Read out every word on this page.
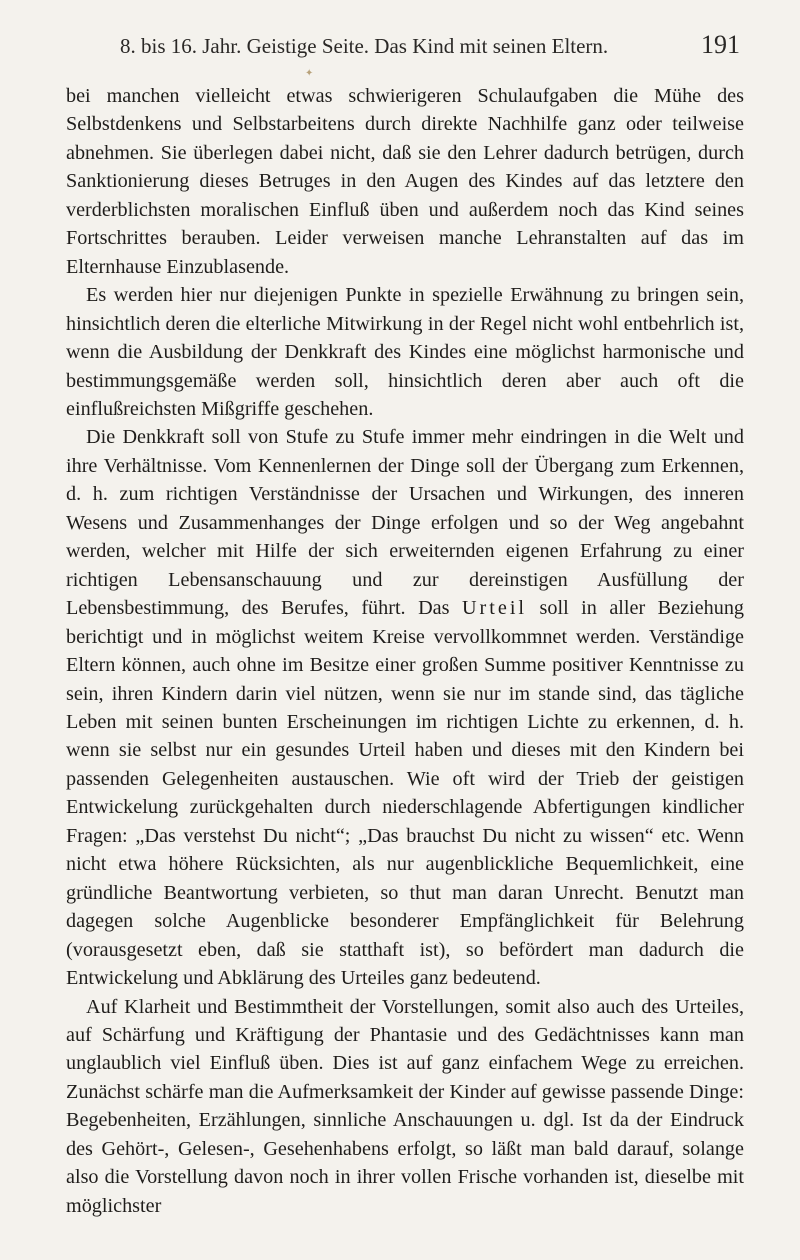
8. bis 16. Jahr. Geistige Seite. Das Kind mit seinen Eltern.	191
✦

bei manchen vielleicht etwas schwierigeren Schulaufgaben die Mühe des Selbstdenkens und Selbstarbeitens durch direkte Nachhilfe ganz oder teilweise abnehmen. Sie überlegen dabei nicht, daß sie den Lehrer dadurch betrügen, durch Sanktionierung dieses Betruges in den Augen des Kindes auf das letztere den verderblichsten moralischen Einfluß üben und außerdem noch das Kind seines Fortschrittes berauben. Leider verweisen manche Lehranstalten auf das im Elternhause Einzublasende.

Es werden hier nur diejenigen Punkte in spezielle Erwähnung zu bringen sein, hinsichtlich deren die elterliche Mitwirkung in der Regel nicht wohl entbehrlich ist, wenn die Ausbildung der Denkkraft des Kindes eine möglichst harmonische und bestimmungsgemäße werden soll, hinsichtlich deren aber auch oft die einflußreichsten Mißgriffe geschehen.

Die Denkkraft soll von Stufe zu Stufe immer mehr eindringen in die Welt und ihre Verhältnisse. Vom Kennenlernen der Dinge soll der Übergang zum Erkennen, d. h. zum richtigen Verständnisse der Ursachen und Wirkungen, des inneren Wesens und Zusammenhanges der Dinge erfolgen und so der Weg angebahnt werden, welcher mit Hilfe der sich erweiternden eigenen Erfahrung zu einer richtigen Lebensanschauung und zur dereinstigen Ausfüllung der Lebensbestimmung, des Berufes, führt. Das Urteil soll in aller Beziehung berichtigt und in möglichst weitem Kreise vervollkommnet werden. Verständige Eltern können, auch ohne im Besitze einer großen Summe positiver Kenntnisse zu sein, ihren Kindern darin viel nützen, wenn sie nur im stande sind, das tägliche Leben mit seinen bunten Erscheinungen im richtigen Lichte zu erkennen, d. h. wenn sie selbst nur ein gesundes Urteil haben und dieses mit den Kindern bei passenden Gelegenheiten austauschen. Wie oft wird der Trieb der geistigen Entwickelung zurückgehalten durch niederschlagende Abfertigungen kindlicher Fragen: „Das verstehst Du nicht“; „Das brauchst Du nicht zu wissen“ etc. Wenn nicht etwa höhere Rücksichten, als nur augenblickliche Bequemlichkeit, eine gründliche Beantwortung verbieten, so thut man daran Unrecht. Benutzt man dagegen solche Augenblicke besonderer Empfänglichkeit für Belehrung (vorausgesetzt eben, daß sie statthaft ist), so befördert man dadurch die Entwickelung und Abklärung des Urteiles ganz bedeutend.

Auf Klarheit und Bestimmtheit der Vorstellungen, somit also auch des Urteiles, auf Schärfung und Kräftigung der Phantasie und des Gedächtnisses kann man unglaublich viel Einfluß üben. Dies ist auf ganz einfachem Wege zu erreichen. Zunächst schärfe man die Aufmerksamkeit der Kinder auf gewisse passende Dinge: Begebenheiten, Erzählungen, sinnliche Anschauungen u. dgl. Ist da der Eindruck des Gehört-, Gelesen-, Gesehenhabens erfolgt, so läßt man bald darauf, solange also die Vorstellung davon noch in ihrer vollen Frische vorhanden ist, dieselbe mit möglichster
